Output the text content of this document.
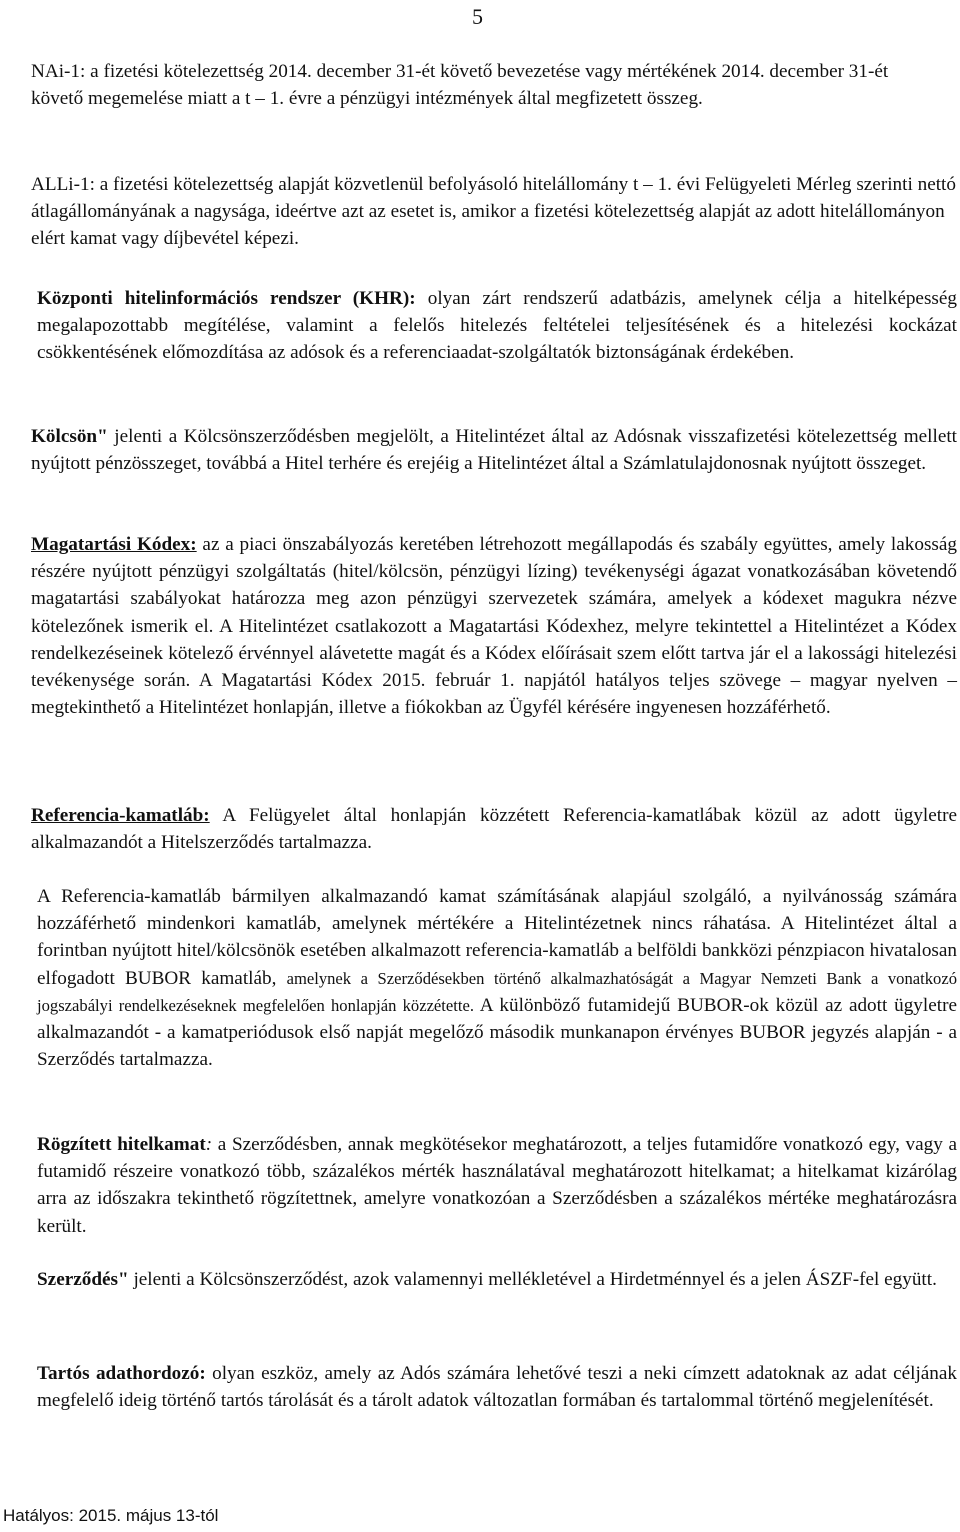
5

NAi-1: a fizetési kötelezettség 2014. december 31-ét követő bevezetése vagy mértékének 2014. december 31-ét követő megemelése miatt a t – 1. évre a pénzügyi intézmények által megfizetett összeg.

ALLi-1: a fizetési kötelezettség alapját közvetlenül befolyásoló hitelállomány t – 1. évi Felügyeleti Mérleg szerinti nettó átlagállományának a nagysága, ideértve azt az esetet is, amikor a fizetési kötelezettség alapját az adott hitelállományon elért kamat vagy díjbevétel képezi.

Központi hitelinformációs rendszer (KHR): olyan zárt rendszerű adatbázis, amelynek célja a hitelképesség megalapozottabb megítélése, valamint a felelős hitelezés feltételei teljesítésének és a hitelezési kockázat csökkentésének előmozdítása az adósok és a referenciaadat-szolgáltatók biztonságának érdekében.

Kölcsön" jelenti a Kölcsönszerződésben megjelölt, a Hitelintézet által az Adósnak visszafizetési kötelezettség mellett nyújtott pénzösszeget, továbbá a Hitel terhére és erejéig a Hitelintézet által a Számlatulajdonosnak nyújtott összeget.

Magatartási Kódex: az a piaci önszabályozás keretében létrehozott megállapodás és szabály együttes, amely lakosság részére nyújtott pénzügyi szolgáltatás (hitel/kölcsön, pénzügyi lízing) tevékenységi ágazat vonatkozásában követendő magatartási szabályokat határozza meg azon pénzügyi szervezetek számára, amelyek a kódexet magukra nézve kötelezőnek ismerik el. A Hitelintézet csatlakozott a Magatartási Kódexhez, melyre tekintettel a Hitelintézet a Kódex rendelkezéseinek kötelező érvénnyel alávetette magát és a Kódex előírásait szem előtt tartva jár el a lakossági hitelezési tevékenysége során. A Magatartási Kódex 2015. február 1. napjától hatályos teljes szövege – magyar nyelven – megtekinthető a Hitelintézet honlapján, illetve a fiókokban az Ügyfél kérésére ingyenesen hozzáférhető.

Referencia-kamatláb: A Felügyelet által honlapján közzétett Referencia-kamatlábak közül az adott ügyletre alkalmazandót a Hitelszerződés tartalmazza.

A Referencia-kamatláb bármilyen alkalmazandó kamat számításának alapjául szolgáló, a nyilvánosság számára hozzáférhető mindenkori kamatláb, amelynek mértékére a Hitelintézetnek nincs ráhatása. A Hitelintézet által a forintban nyújtott hitel/kölcsönök esetében alkalmazott referencia-kamatláb a belföldi bankközi pénzpiacon hivatalosan elfogadott BUBOR kamatláb, amelynek a Szerződésekben történő alkalmazhatóságát a Magyar Nemzeti Bank a vonatkozó jogszabályi rendelkezéseknek megfelelően honlapján közzétette. A különböző futamidejű BUBOR-ok közül az adott ügyletre alkalmazandót - a kamatperiódusok első napját megelőző második munkanapon érvényes BUBOR jegyzés alapján - a Szerződés tartalmazza.

Rögzített hitelkamat: a Szerződésben, annak megkötésekor meghatározott, a teljes futamidőre vonatkozó egy, vagy a futamidő részeire vonatkozó több, százalékos mérték használatával meghatározott hitelkamat; a hitelkamat kizárólag arra az időszakra tekinthető rögzítettnek, amelyre vonatkozóan a Szerződésben a százalékos mértéke meghatározásra került.

Szerződés" jelenti a Kölcsönszerződést, azok valamennyi mellékletével a Hirdetménnyel és a jelen ÁSZF-fel együtt.

Tartós adathordozó: olyan eszköz, amely az Adós számára lehetővé teszi a neki címzett adatoknak az adat céljának megfelelő ideig történő tartós tárolását és a tárolt adatok változatlan formában és tartalommal történő megjelenítését.

Hatályos: 2015. május 13-tól
